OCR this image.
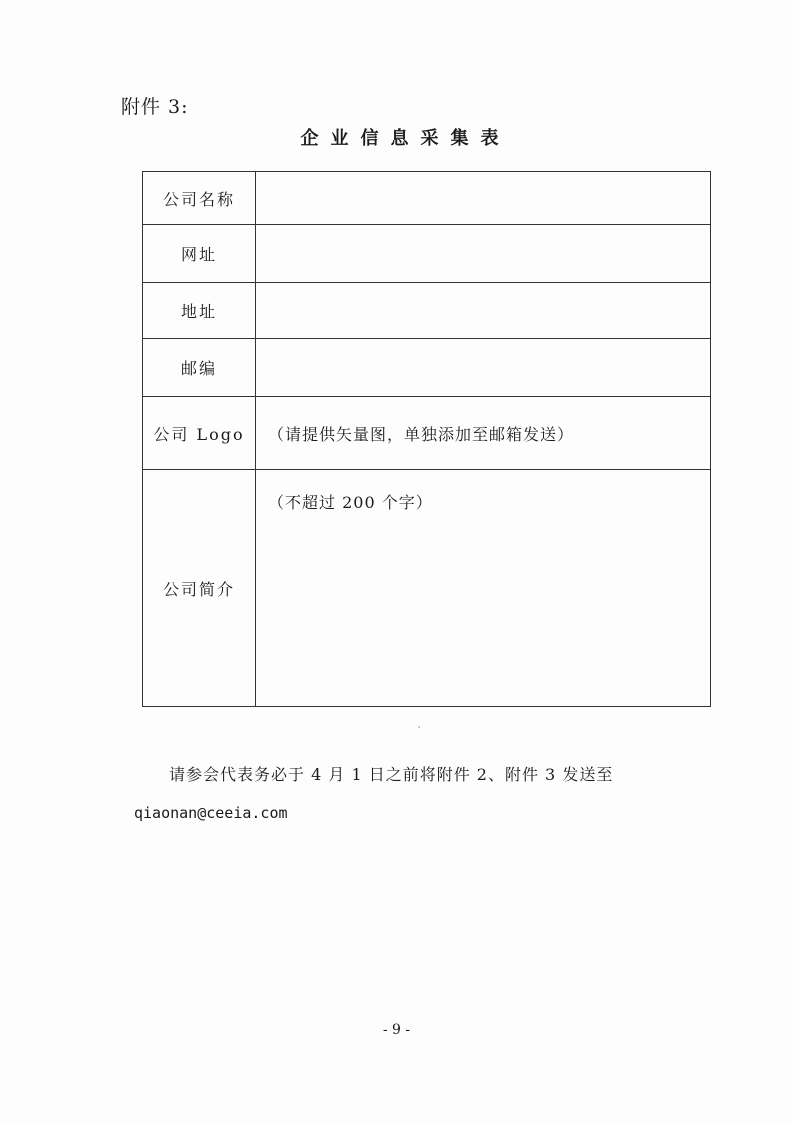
附件 3:
企业信息采集表
公司名称	
网址	
地址	
邮编	
公司 Logo	（请提供矢量图，单独添加至邮箱发送）
公司简介	（不超过 200 个字）
请参会代表务必于 4 月 1 日之前将附件 2、附件 3 发送至
qiaonan@ceeia.com
- 9 -
